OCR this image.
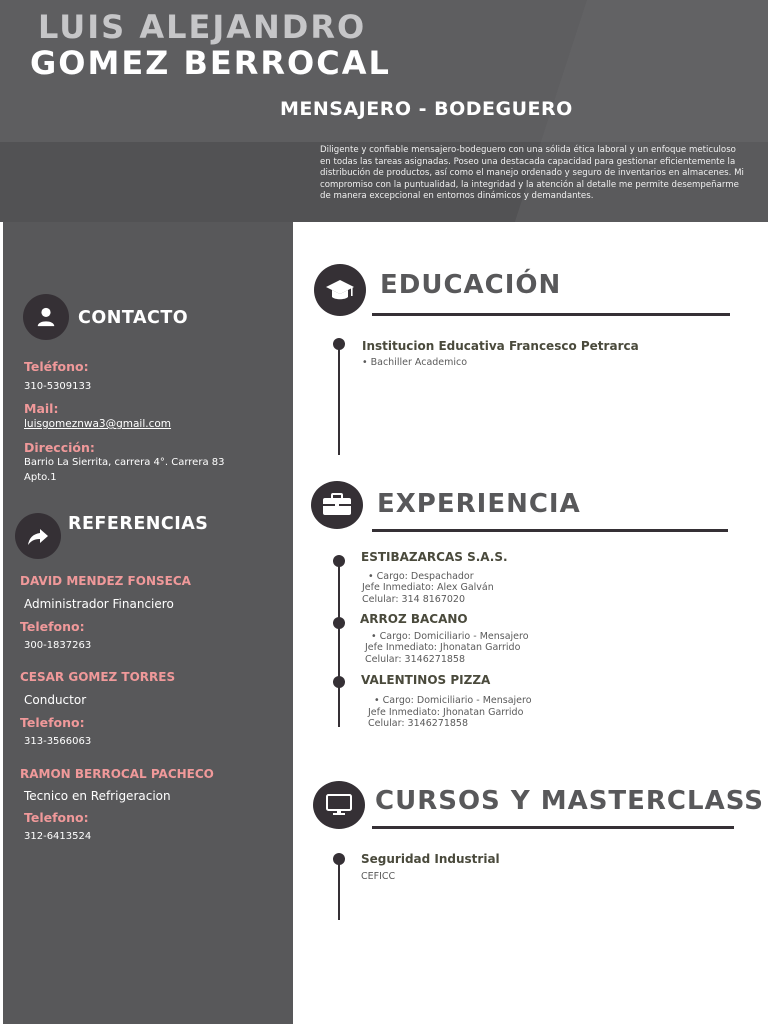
LUIS ALEJANDRO
GOMEZ BERROCAL
MENSAJERO - BODEGUERO
Diligente y confiable mensajero-bodeguero con una sólida ética laboral y un enfoque meticuloso en todas las tareas asignadas. Poseo una destacada capacidad para gestionar eficientemente la distribución de productos, así como el manejo ordenado y seguro de inventarios en almacenes. Mi compromiso con la puntualidad, la integridad y la atención al detalle me permite desempeñarme de manera excepcional en entornos dinámicos y demandantes.
CONTACTO
Teléfono:
310-5309133
Mail:
luisgomeznwa3@gmail.com
Dirección:
Barrio La Sierrita, carrera 4°. Carrera 83
Apto.1
REFERENCIAS
DAVID MENDEZ FONSECA
Administrador Financiero
Telefono:
300-1837263
CESAR GOMEZ TORRES
Conductor
Telefono:
313-3566063
RAMON BERROCAL PACHECO
Tecnico en Refrigeracion
Telefono:
312-6413524
EDUCACIÓN
Institucion Educativa Francesco Petrarca
• Bachiller Academico
EXPERIENCIA
ESTIBAZARCAS S.A.S.
• Cargo: Despachador
Jefe Inmediato: Alex Galván
Celular: 314 8167020
ARROZ BACANO
• Cargo: Domiciliario - Mensajero
Jefe Inmediato: Jhonatan Garrido
Celular: 3146271858
VALENTINOS PIZZA
• Cargo: Domiciliario - Mensajero
Jefe Inmediato: Jhonatan Garrido
Celular: 3146271858
CURSOS Y MASTERCLASS
Seguridad Industrial
CEFICC
